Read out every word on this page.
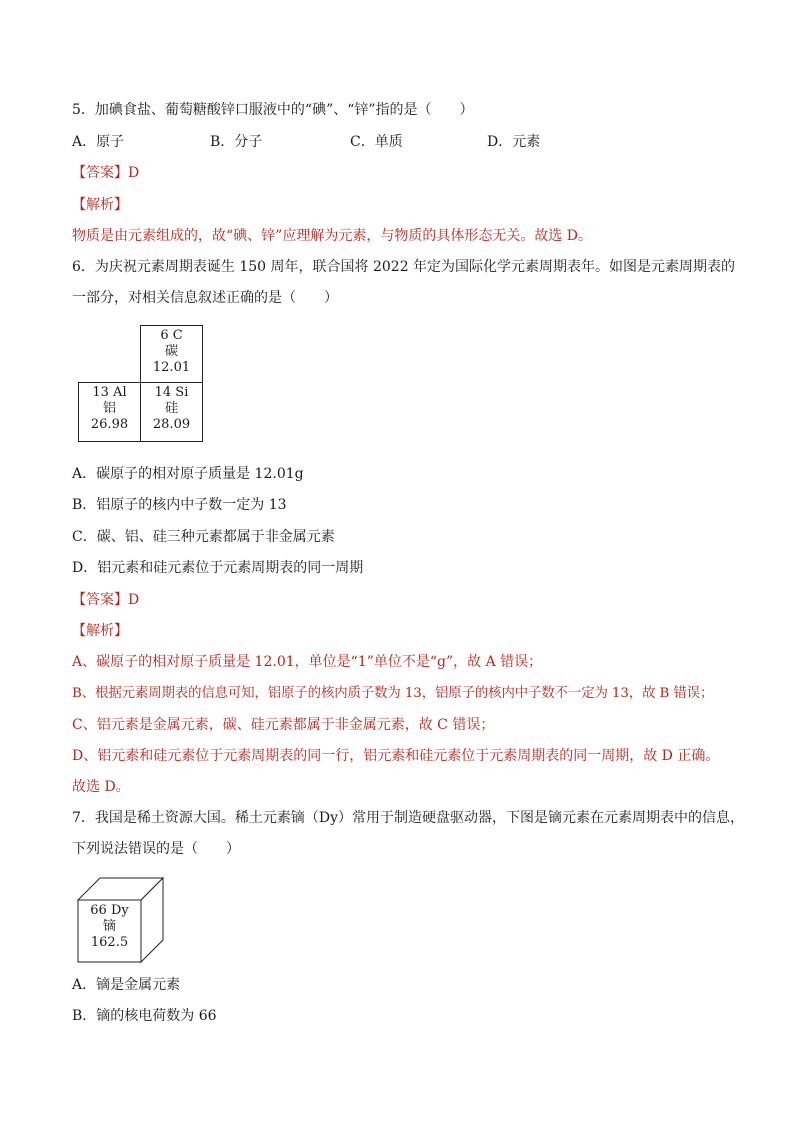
5．加碘食盐、葡萄糖酸锌口服液中的“碘”、“锌”指的是（　　）
A．原子	B．分子	C．单质	D．元素
【答案】D
【解析】
物质是由元素组成的，故“碘、锌”应理解为元素，与物质的具体形态无关。故选 D。
6．为庆祝元素周期表诞生 150 周年，联合国将 2022 年定为国际化学元素周期表年。如图是元素周期表的
一部分，对相关信息叙述正确的是（　　）
6 C
碳
12.01
13 Al
铝
26.98
14 Si
硅
28.09
A．碳原子的相对原子质量是 12.01g
B．铝原子的核内中子数一定为 13
C．碳、铝、硅三种元素都属于非金属元素
D．铝元素和硅元素位于元素周期表的同一周期
【答案】D
【解析】
A、碳原子的相对原子质量是 12.01，单位是“1”单位不是“g”，故 A 错误；
B、根据元素周期表的信息可知，铝原子的核内质子数为 13，铝原子的核内中子数不一定为 13，故 B 错误；
C、铝元素是金属元素，碳、硅元素都属于非金属元素，故 C 错误；
D、铝元素和硅元素位于元素周期表的同一行，铝元素和硅元素位于元素周期表的同一周期，故 D 正确。
故选 D。
7．我国是稀土资源大国。稀土元素镝（Dy）常用于制造硬盘驱动器，下图是镝元素在元素周期表中的信息，
下列说法错误的是（　　）
66 Dy
镝
162.5
A．镝是金属元素
B．镝的核电荷数为 66
